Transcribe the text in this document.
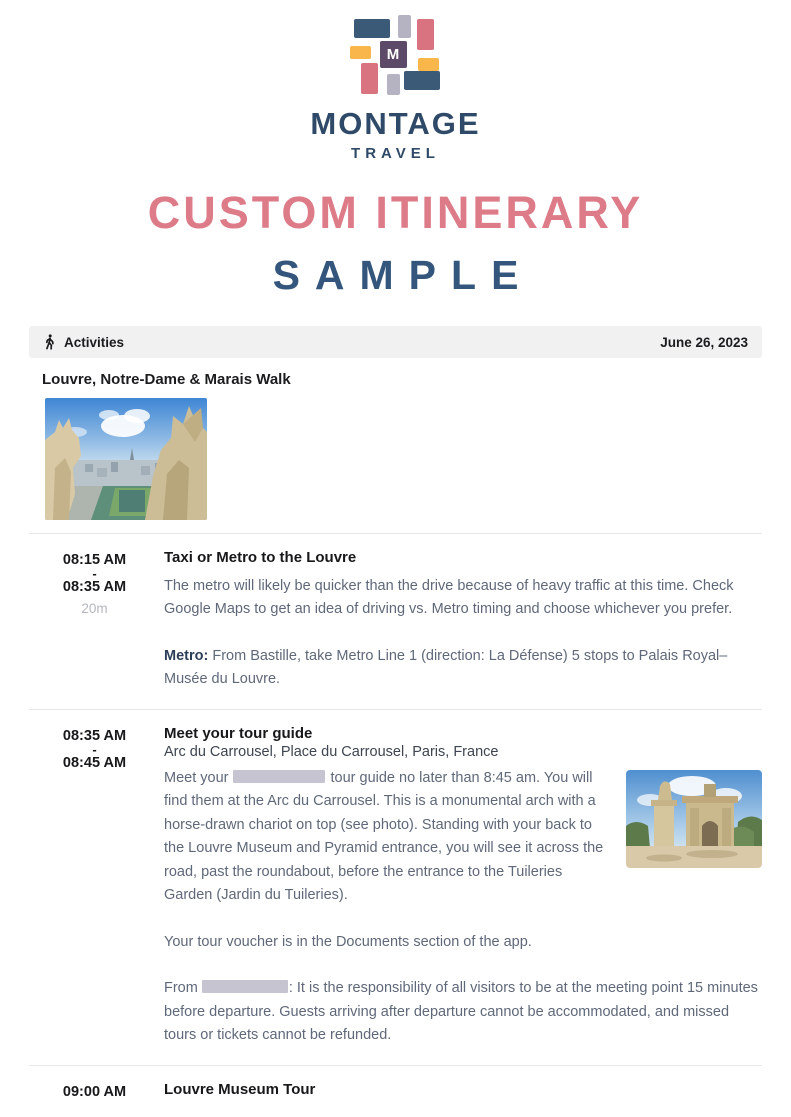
M
MONTAGE
TRAVEL
CUSTOM ITINERARY
SAMPLE
Activities	June 26, 2023
Louvre, Notre-Dame & Marais Walk
08:15 AM
-
08:35 AM
20m
Taxi or Metro to the Louvre

The metro will likely be quicker than the drive because of heavy traffic at this time. Check Google Maps to get an idea of driving vs. Metro timing and choose whichever you prefer.

Metro: From Bastille, take Metro Line 1 (direction: La Défense) 5 stops to Palais Royal–Musée du Louvre.

08:35 AM
-
08:45 AM
Meet your tour guide
Arc du Carrousel, Place du Carrousel, Paris, France

Meet your	tour guide no later than 8:45 am. You will find them at the Arc du Carrousel. This is a monumental arch with a horse-drawn chariot on top (see photo). Standing with your back to the Louvre Museum and Pyramid entrance, you will see it across the road, past the roundabout, before the entrance to the Tuileries Garden (Jardin du Tuileries).

Your tour voucher is in the Documents section of the app.

From	: It is the responsibility of all visitors to be at the meeting point 15 minutes before departure. Guests arriving after departure cannot be accommodated, and missed tours or tickets cannot be refunded.

09:00 AM	Louvre Museum Tour
